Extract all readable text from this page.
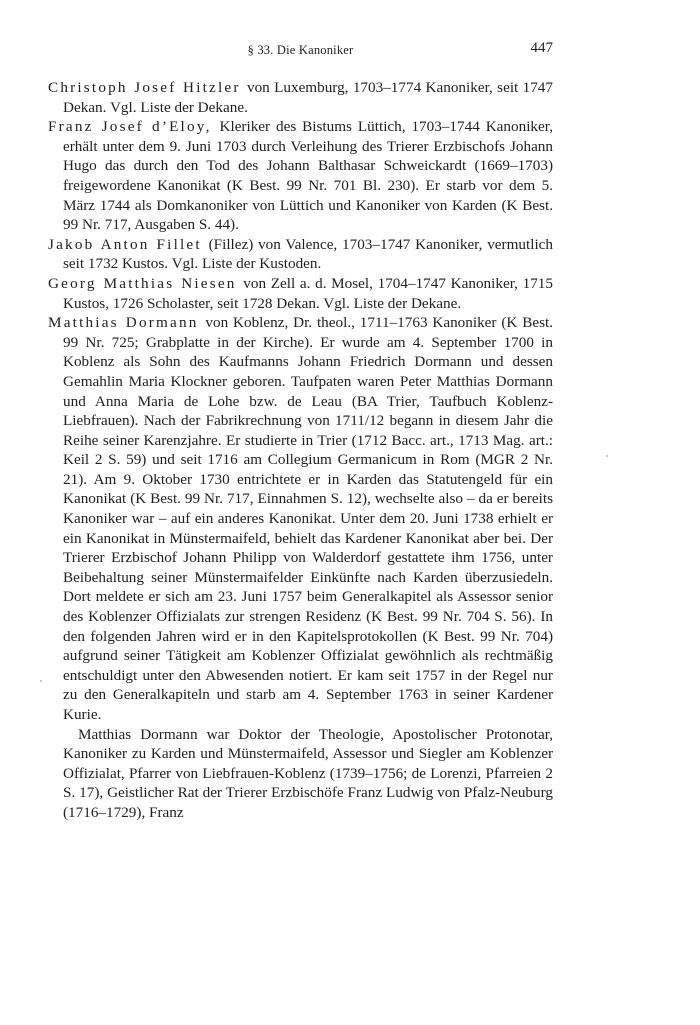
§ 33. Die Kanoniker	447

Christoph Josef Hitzler von Luxemburg, 1703–1774 Kanoniker, seit 1747 Dekan. Vgl. Liste der Dekane.

Franz Josef d’Eloy, Kleriker des Bistums Lüttich, 1703–1744 Kanoniker, erhält unter dem 9. Juni 1703 durch Verleihung des Trierer Erzbischofs Johann Hugo das durch den Tod des Johann Balthasar Schweickardt (1669–1703) freigewordene Kanonikat (K Best. 99 Nr. 701 Bl. 230). Er starb vor dem 5. März 1744 als Domkanoniker von Lüttich und Kanoniker von Karden (K Best. 99 Nr. 717, Ausgaben S. 44).

Jakob Anton Fillet (Fillez) von Valence, 1703–1747 Kanoniker, vermutlich seit 1732 Kustos. Vgl. Liste der Kustoden.

Georg Matthias Niesen von Zell a. d. Mosel, 1704–1747 Kanoniker, 1715 Kustos, 1726 Scholaster, seit 1728 Dekan. Vgl. Liste der Dekane.

Matthias Dormann von Koblenz, Dr. theol., 1711–1763 Kanoniker (K Best. 99 Nr. 725; Grabplatte in der Kirche). Er wurde am 4. September 1700 in Koblenz als Sohn des Kaufmanns Johann Friedrich Dormann und dessen Gemahlin Maria Klockner geboren. Taufpaten waren Peter Matthias Dormann und Anna Maria de Lohe bzw. de Leau (BA Trier, Taufbuch Koblenz-Liebfrauen). Nach der Fabrikrechnung von 1711/12 begann in diesem Jahr die Reihe seiner Karenzjahre. Er studierte in Trier (1712 Bacc. art., 1713 Mag. art.: Keil 2 S. 59) und seit 1716 am Collegium Germanicum in Rom (MGR 2 Nr. 21). Am 9. Oktober 1730 entrichtete er in Karden das Statutengeld für ein Kanonikat (K Best. 99 Nr. 717, Einnahmen S. 12), wechselte also – da er bereits Kanoniker war – auf ein anderes Kanonikat. Unter dem 20. Juni 1738 erhielt er ein Kanonikat in Münstermaifeld, behielt das Kardener Kanonikat aber bei. Der Trierer Erzbischof Johann Philipp von Walderdorf gestattete ihm 1756, unter Beibehaltung seiner Münstermaifelder Einkünfte nach Karden überzusiedeln. Dort meldete er sich am 23. Juni 1757 beim Generalkapitel als Assessor senior des Koblenzer Offizialats zur strengen Residenz (K Best. 99 Nr. 704 S. 56). In den folgenden Jahren wird er in den Kapitelsprotokollen (K Best. 99 Nr. 704) aufgrund seiner Tätigkeit am Koblenzer Offizialat gewöhnlich als rechtmäßig entschuldigt unter den Abwesenden notiert. Er kam seit 1757 in der Regel nur zu den Generalkapiteln und starb am 4. September 1763 in seiner Kardener Kurie.

Matthias Dormann war Doktor der Theologie, Apostolischer Protonotar, Kanoniker zu Karden und Münstermaifeld, Assessor und Siegler am Koblenzer Offizialat, Pfarrer von Liebfrauen-Koblenz (1739–1756; de Lorenzi, Pfarreien 2 S. 17), Geistlicher Rat der Trierer Erzbischöfe Franz Ludwig von Pfalz-Neuburg (1716–1729), Franz
